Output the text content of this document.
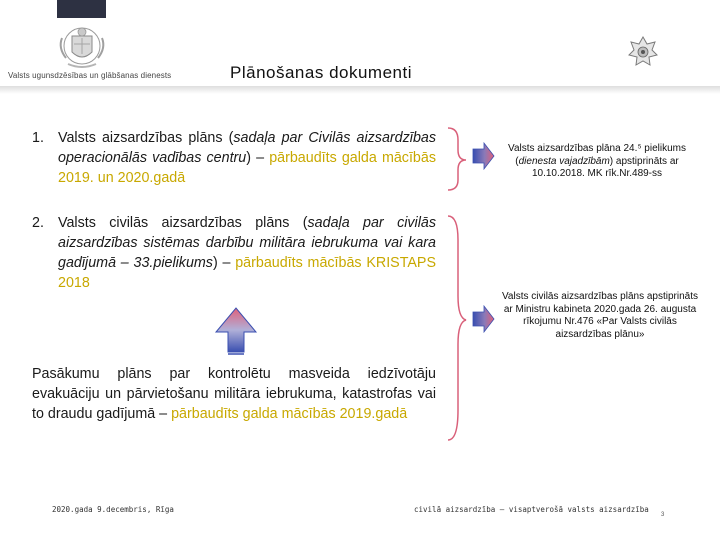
Valsts ugunsdzēsības un glābšanas dienests	Plānošanas dokumenti
1. Valsts aizsardzības plāns (sadaļa par Civilās aizsardzības operacionālās vadības centru) – pārbaudīts galda mācībās 2019. un 2020.gadā
2. Valsts civilās aizsardzības plāns (sadaļa par civilās aizsardzības sistēmas darbību militāra iebrukuma vai kara gadījumā – 33.pielikums) – pārbaudīts mācībās KRISTAPS 2018
Pasākumu plāns par kontrolētu masveida iedzīvotāju evakuāciju un pārvietošanu militāra iebrukuma, katastrofas vai to draudu gadījumā – pārbaudīts galda mācībās 2019.gadā
Valsts aizsardzības plāna 24.⁵ pielikums
(dienesta vajadzībām) apstiprināts ar
10.10.2018. MK rīk.Nr.489-ss
Valsts civilās aizsardzības plāns apstiprināts ar Ministru kabineta 2020.gada 26. augusta rīkojumu Nr.476 «Par Valsts civilās aizsardzības plānu»
2020.gada 9.decembris, Rīga	civilā aizsardzība – visaptverošā valsts aizsardzība
3
